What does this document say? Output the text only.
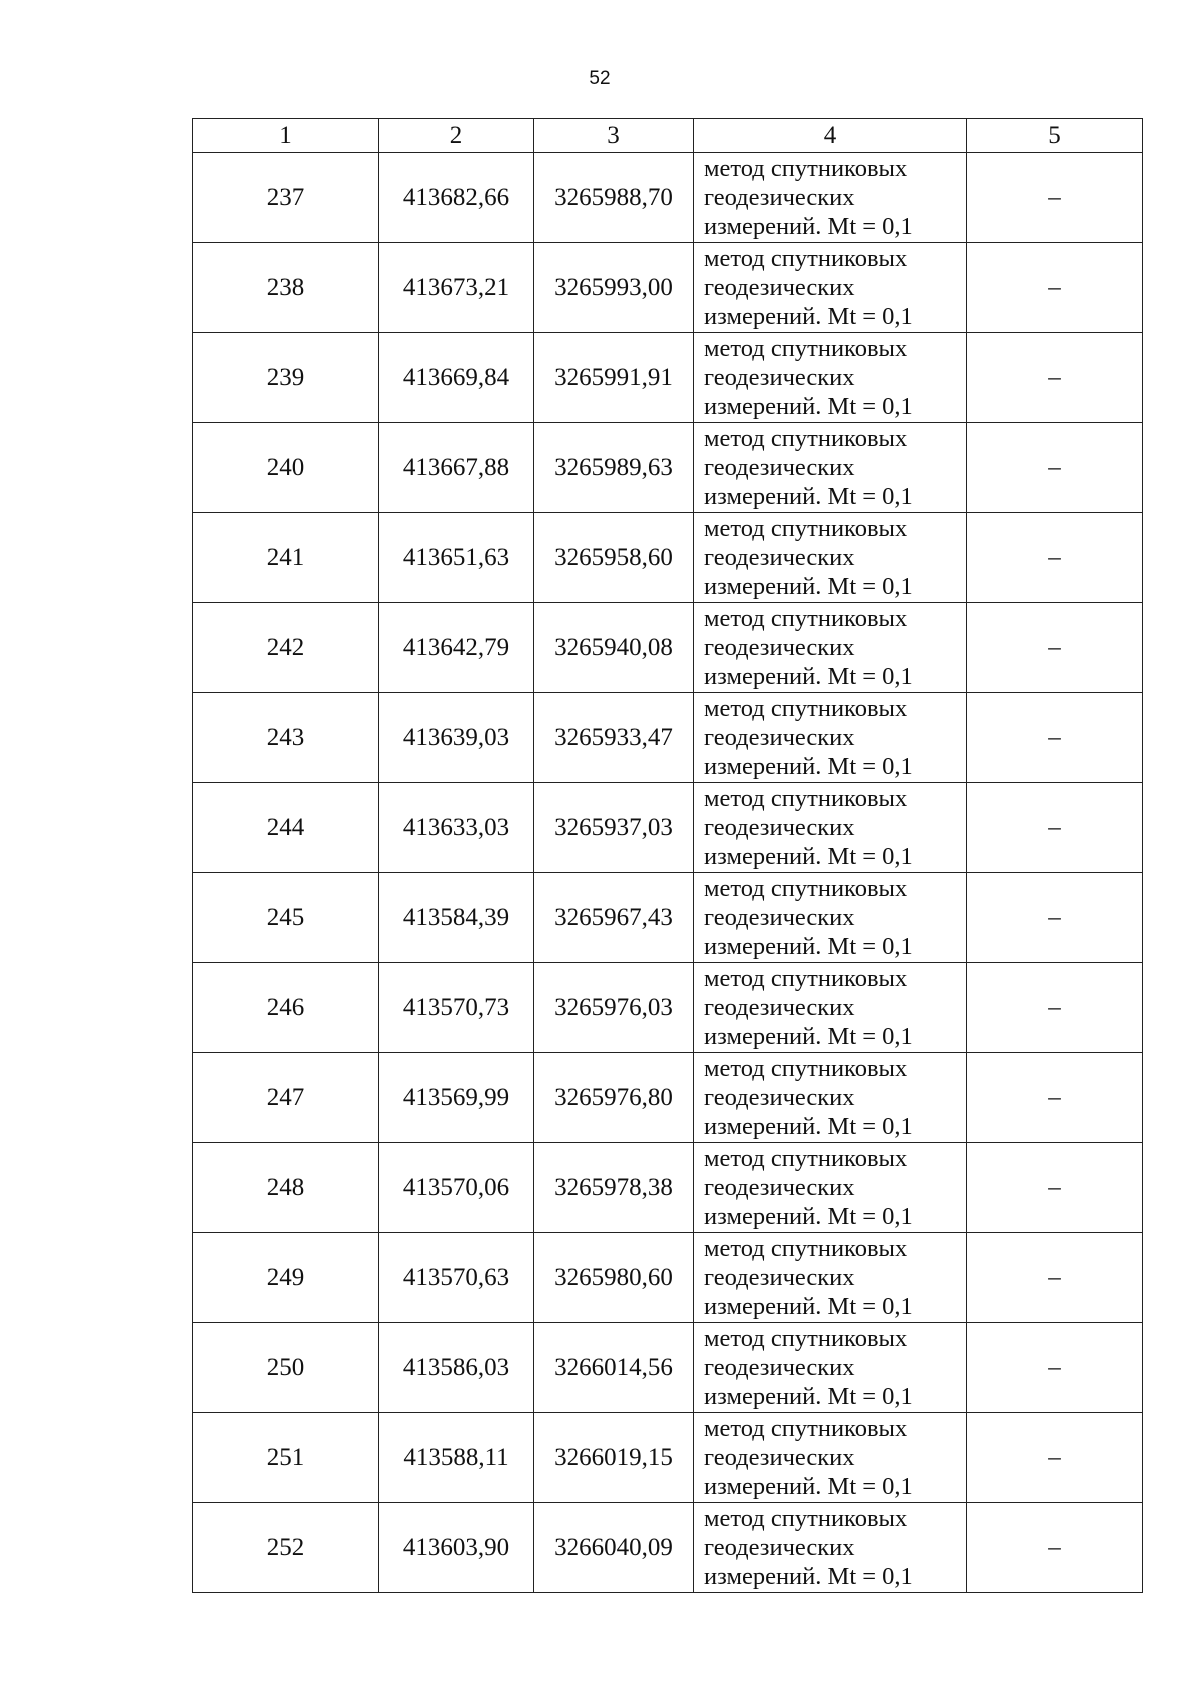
52
1	2	3	4	5
237	413682,66	3265988,70	метод спутниковых
геодезических
измерений. Mt = 0,1	–
238	413673,21	3265993,00	метод спутниковых
геодезических
измерений. Mt = 0,1	–
239	413669,84	3265991,91	метод спутниковых
геодезических
измерений. Mt = 0,1	–
240	413667,88	3265989,63	метод спутниковых
геодезических
измерений. Mt = 0,1	–
241	413651,63	3265958,60	метод спутниковых
геодезических
измерений. Mt = 0,1	–
242	413642,79	3265940,08	метод спутниковых
геодезических
измерений. Mt = 0,1	–
243	413639,03	3265933,47	метод спутниковых
геодезических
измерений. Mt = 0,1	–
244	413633,03	3265937,03	метод спутниковых
геодезических
измерений. Mt = 0,1	–
245	413584,39	3265967,43	метод спутниковых
геодезических
измерений. Mt = 0,1	–
246	413570,73	3265976,03	метод спутниковых
геодезических
измерений. Mt = 0,1	–
247	413569,99	3265976,80	метод спутниковых
геодезических
измерений. Mt = 0,1	–
248	413570,06	3265978,38	метод спутниковых
геодезических
измерений. Mt = 0,1	–
249	413570,63	3265980,60	метод спутниковых
геодезических
измерений. Mt = 0,1	–
250	413586,03	3266014,56	метод спутниковых
геодезических
измерений. Mt = 0,1	–
251	413588,11	3266019,15	метод спутниковых
геодезических
измерений. Mt = 0,1	–
252	413603,90	3266040,09	метод спутниковых
геодезических
измерений. Mt = 0,1	–
